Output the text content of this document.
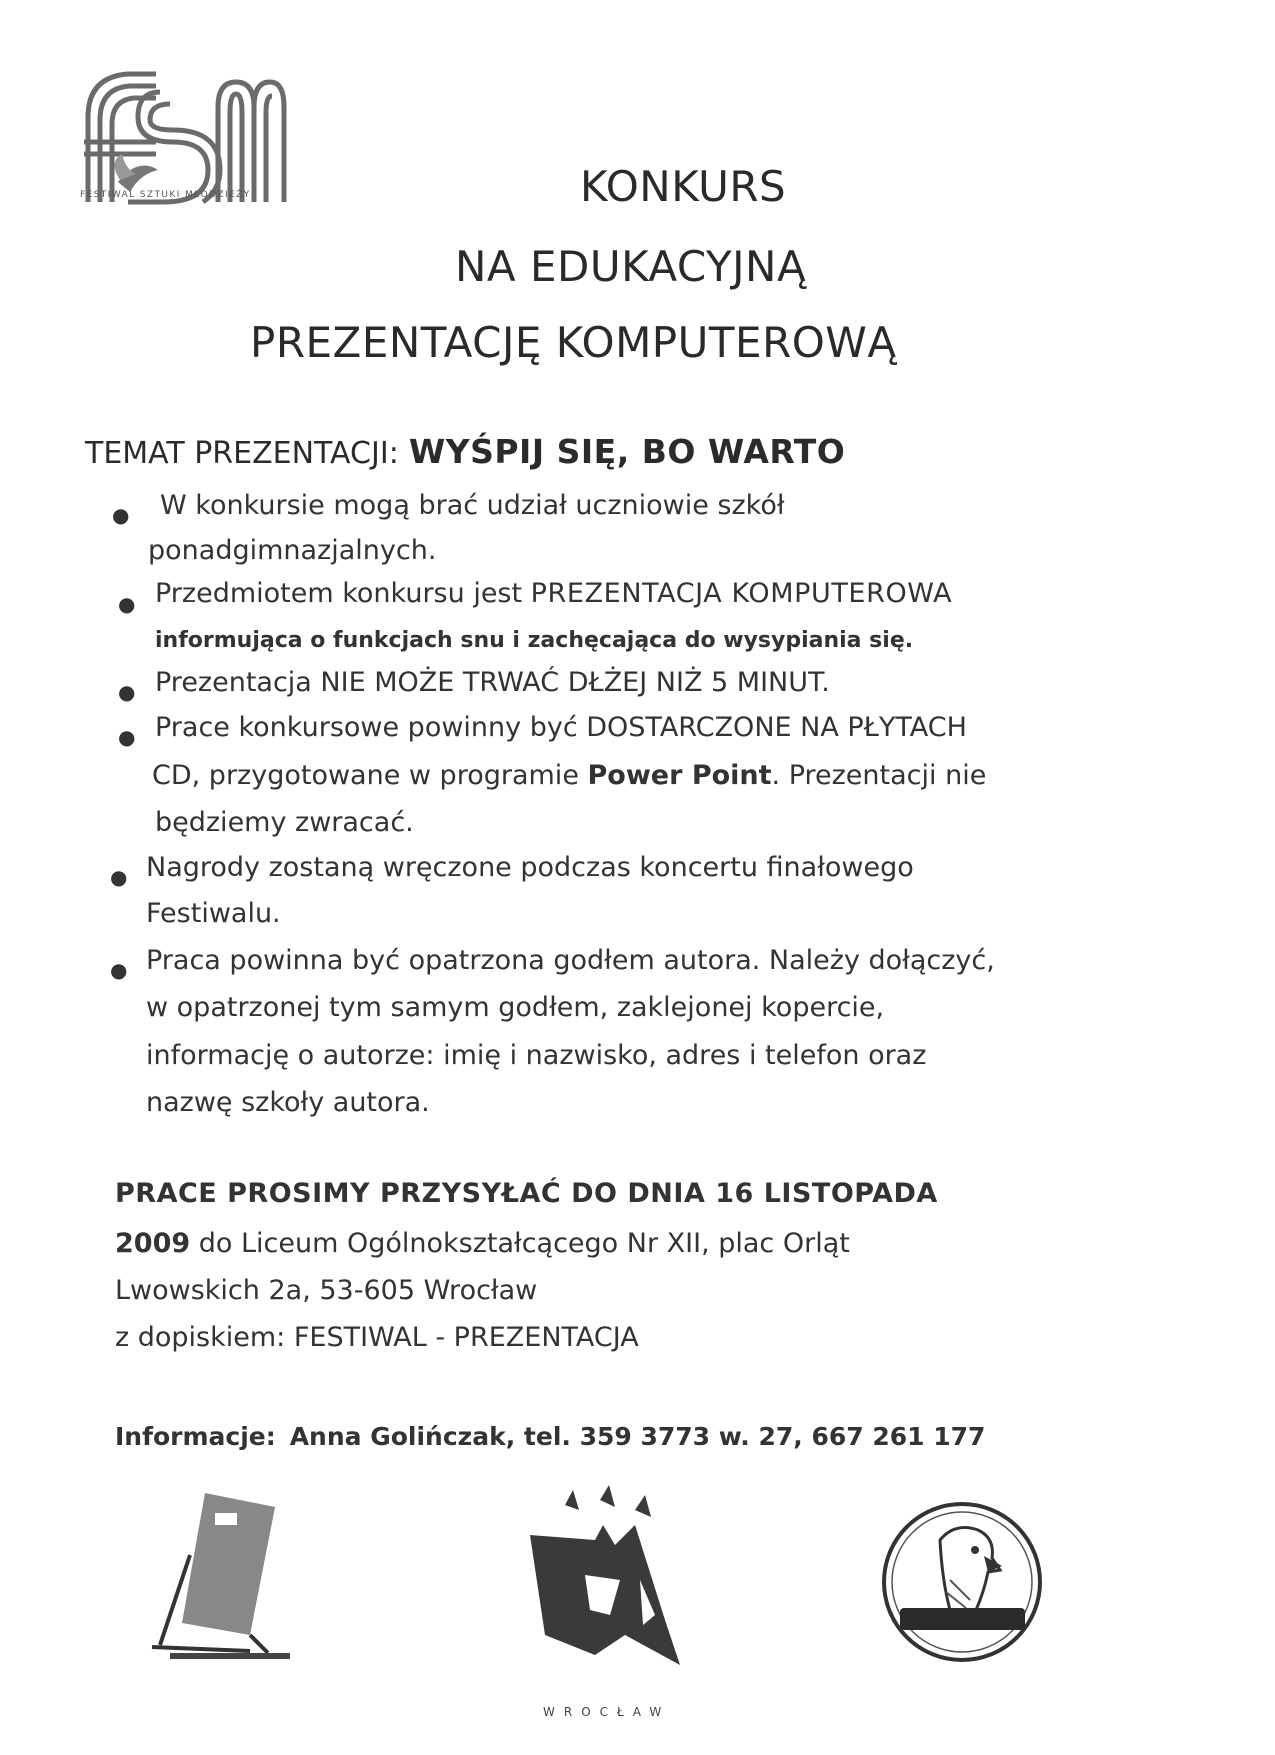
FESTIWAL SZTUKI MŁODZIEŻY	KONKURS
NA EDUKACYJNĄ
PREZENTACJĘ KOMPUTEROWĄ
TEMAT PREZENTACJI: WYŚPIJ SIĘ, BO WARTO
● W konkursie mogą brać udział uczniowie szkół
ponadgimnazjalnych.
● Przedmiotem konkursu jest PREZENTACJA KOMPUTEROWA
informująca o funkcjach snu i zachęcająca do wysypiania się.
● Prezentacja NIE MOŻE TRWAĆ DŁŻEJ NIŻ 5 MINUT.
● Prace konkursowe powinny być DOSTARCZONE NA PŁYTACH
CD, przygotowane w programie Power Point. Prezentacji nie
będziemy zwracać.
● Nagrody zostaną wręczone podczas koncertu finałowego
Festiwalu.
● Praca powinna być opatrzona godłem autora. Należy dołączyć,
w opatrzonej tym samym godłem, zaklejonej kopercie,
informację o autorze: imię i nazwisko, adres i telefon oraz
nazwę szkoły autora.
PRACE PROSIMY PRZYSYŁAĆ DO DNIA 16 LISTOPADA
2009 do Liceum Ogólnokształcącego Nr XII, plac Orląt
Lwowskich 2a, 53-605 Wrocław
z dopiskiem: FESTIWAL - PREZENTACJA
Informacje: Anna Golińczak, tel. 359 3773 w. 27, 667 261 177
WROCŁAW
